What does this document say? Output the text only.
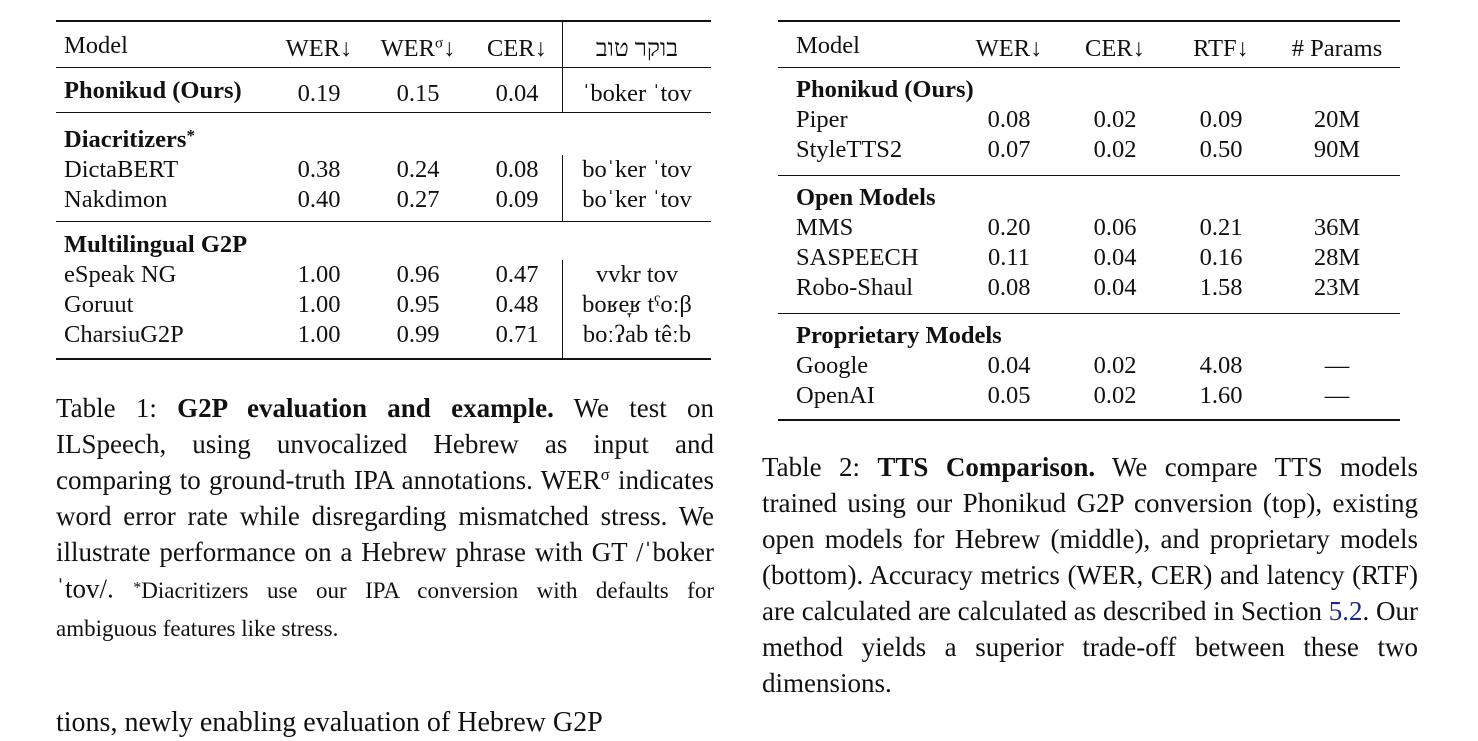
Model	WER↓	$WER^\sigma↓$	CER↓	בוקר טוב
Phonikud (Ours)	0.19	0.15	0.04	ˈboker ˈtov
Diacritizers*
DictaBERT	0.38	0.24	0.08	boˈker ˈtov
Nakdimon	0.40	0.27	0.09	boˈker ˈtov
Multilingual G2P				
eSpeak NG	1.00	0.96	0.47	vvkr tov
Goruut	1.00	0.95	0.48	boʁe̞ʁ tˤoːβ
CharsiuG2P	1.00	0.99	0.71	boːʔab têːb
Table 1: G2P evaluation and example. We test on ILSpeech, using unvocalized Hebrew as input and comparing to ground-truth IPA annotations. $WER^\sigma$ indicates word error rate while disregarding mismatched stress. We illustrate performance on a Hebrew phrase with GT /ˈboker ˈtov/. *Diacritizers use our IPA conversion with defaults for ambiguous features like stress.
Model	WER↓	CER↓	RTF↓	# Params
Phonikud (Ours)				
Piper	0.08	0.02	0.09	20M
StyleTTS2	0.07	0.02	0.50	90M
Open Models				
MMS	0.20	0.06	0.21	36M
SASPEECH	0.11	0.04	0.16	28M
Robo-Shaul	0.08	0.04	1.58	23M
Proprietary Models				
Google	0.04	0.02	4.08	—
OpenAI	0.05	0.02	1.60	—
Table 2: TTS Comparison. We compare TTS models trained using our Phonikud G2P conversion (top), existing open models for Hebrew (middle), and proprietary models (bottom). Accuracy metrics (WER, CER) and latency (RTF) are calculated are calculated as described in Section 5.2. Our method yields a superior trade-off between these two dimensions.
tions, newly enabling evaluation of Hebrew G2P
